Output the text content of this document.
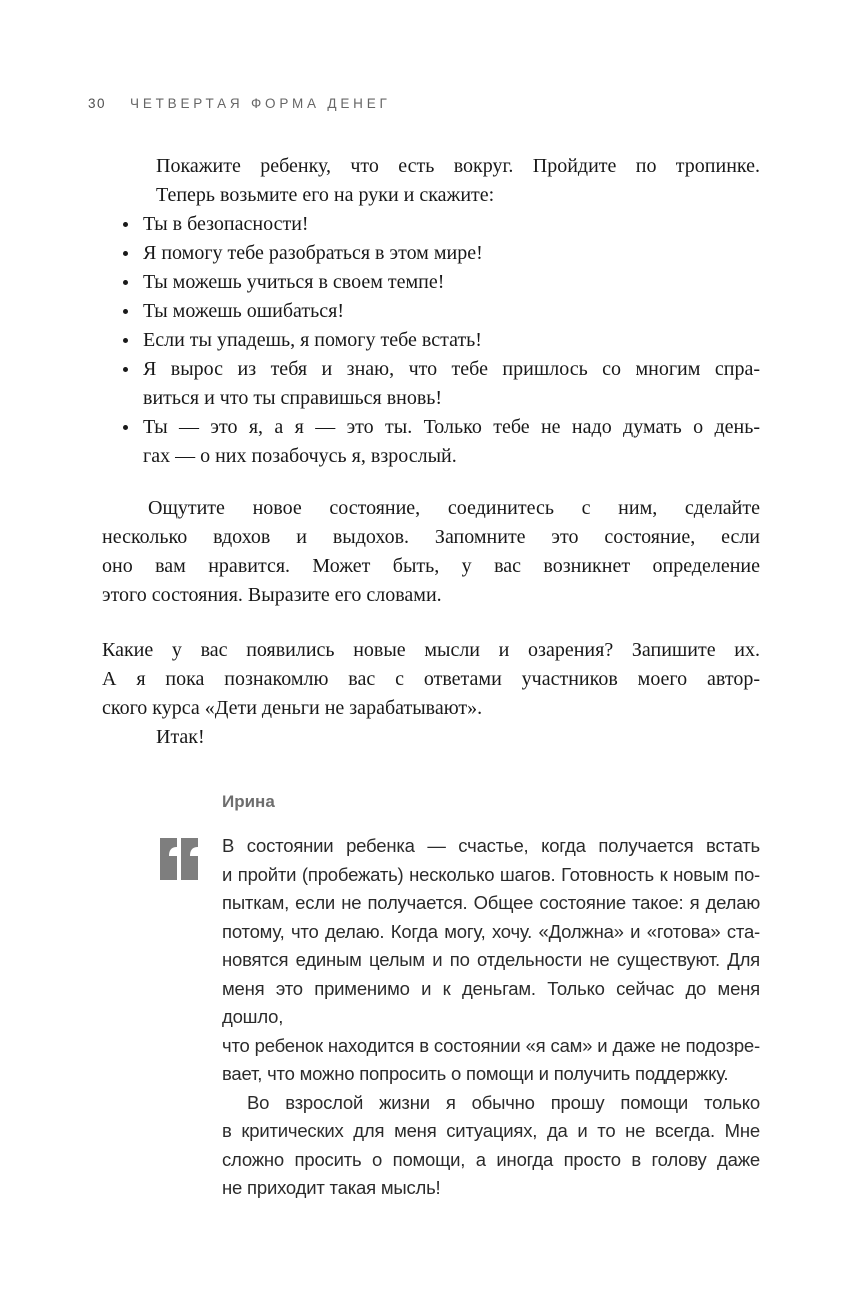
30 ЧЕТВЕРТАЯ ФОРМА ДЕНЕГ
Покажите ребенку, что есть вокруг. Пройдите по тропинке.
Теперь возьмите его на руки и скажите:
Ты в безопасности!
Я помогу тебе разобраться в этом мире!
Ты можешь учиться в своем темпе!
Ты можешь ошибаться!
Если ты упадешь, я помогу тебе встать!
Я вырос из тебя и знаю, что тебе пришлось со многим спра-
виться и что ты справишься вновь!
Ты — это я, а я — это ты. Только тебе не надо думать о день-
гах — о них позабочусь я, взрослый.
Ощутите новое состояние, соединитесь с ним, сделайте
несколько вдохов и выдохов. Запомните это состояние, если
оно вам нравится. Может быть, у вас возникнет определение
этого состояния. Выразите его словами.
Какие у вас появились новые мысли и озарения? Запишите их.
А я пока познакомлю вас с ответами участников моего автор-
ского курса «Дети деньги не зарабатывают».
Итак!
Ирина
В состоянии ребенка — счастье, когда получается встать
и пройти (пробежать) несколько шагов. Готовность к новым по-
пыткам, если не получается. Общее состояние такое: я делаю
потому, что делаю. Когда могу, хочу. «Должна» и «готова» ста-
новятся единым целым и по отдельности не существуют. Для
меня это применимо и к деньгам. Только сейчас до меня дошло,
что ребенок находится в состоянии «я сам» и даже не подозре-
вает, что можно попросить о помощи и получить поддержку.
Во взрослой жизни я обычно прошу помощи только
в критических для меня ситуациях, да и то не всегда. Мне
сложно просить о помощи, а иногда просто в голову даже
не приходит такая мысль!
